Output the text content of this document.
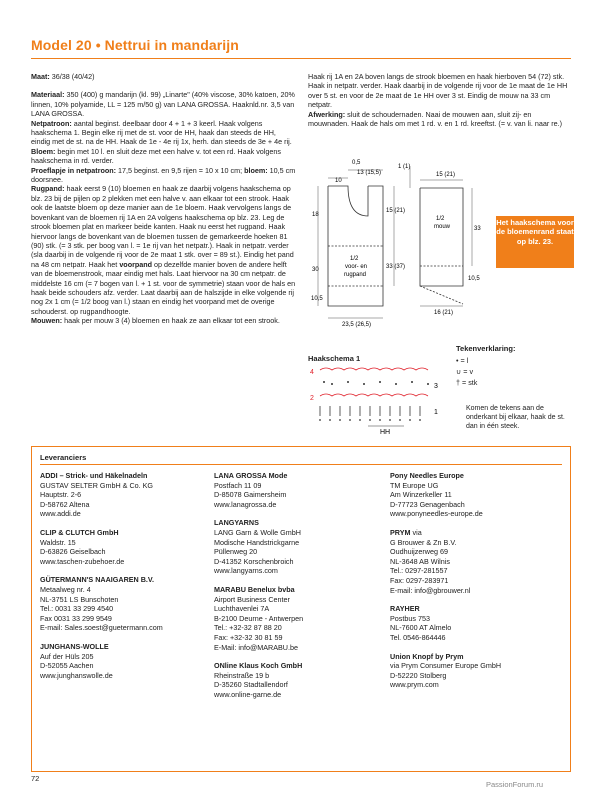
Model 20 • Nettrui in mandarijn

Maat: 36/38 (40/42)

Materiaal: 350 (400) g mandarijn (kl. 99) „Linarte" (40% viscose, 30% katoen, 20% linnen, 10% polyamide, LL = 125 m/50 g) van LANA GROSSA. Haaknld.nr. 3,5 van LANA GROSSA.

Netpatroon: aantal beginst. deelbaar door 4 + 1 + 3 keerl. Haak volgens haakschema 1. Begin elke rij met de st. voor de HH, haak dan steeds de HH, eindig met de st. na de HH. Haak de 1e - 4e rij 1x, herh. dan steeds de 3e + 4e rij.

Bloem: begin met 10 l. en sluit deze met een halve v. tot een rd. Haak volgens haakschema in rd. verder.

Proeflapje in netpatroon: 17,5 beginst. en 9,5 rijen = 10 x 10 cm; bloem: 10,5 cm doorsnee.

Rugpand: haak eerst 9 (10) bloemen en haak ze daarbij volgens haakschema op blz. 23 bij de pijlen op 2 plekken met een halve v. aan elkaar tot een strook. Haak ook de laatste bloem op deze manier aan de 1e bloem. Haak vervolgens langs de bovenkant van de bloemen rij 1A en 2A volgens haakschema op blz. 23. Leg de strook bloemen plat en markeer beide kanten. Haak nu eerst het rugpand. Haak hiervoor langs de bovenkant van de bloemen tussen de gemarkeerde hoeken 81 (90) stk. (= 3 stk. per boog van l. = 1e rij van het netpatr.). Haak in netpatr. verder (sla daarbij in de volgende rij voor de 2e maat 1 stk. over = 89 st.). Eindig het pand na 48 cm netpatr. Haak het voorpand op dezelfde manier boven de andere helft van de bloemenstrook, maar eindig met hals. Laat hiervoor na 30 cm netpatr. de middelste 16 cm (= 7 bogen van l. + 1 st. voor de symmetrie) staan voor de hals en haak beide schouders afz. verder. Laat daarbij aan de halszijde in elke volgende rij nog 2x 1 cm (= 1/2 boog van l.) staan en eindig het voorpand met de overige schouderst. op rugpandhoogte.

Mouwen: haak per mouw 3 (4) bloemen en haak ze aan elkaar tot een strook.

Haak rij 1A en 2A boven langs de strook bloemen en haak hierboven 54 (72) stk. Haak in netpatr. verder. Haak daarbij in de volgende rij voor de 1e maat de 1e HH over 5 st. en voor de 2e maat de 1e HH over 3 st. Eindig de mouw na 33 cm netpatr.

Afwerking: sluit de schoudernaden. Naai de mouwen aan, sluit zij- en mouwnaden. Haak de hals om met 1 rd. v. en 1 rd. kreeftst. (= v. van li. naar re.)

10
13 (15,5)
0,5
18
30	33 (37)
10,5
23,5 (26,5)
15 (21)
1/2
voor- en
rugpand
15 (21)
1 (1)
33
10,5
16 (21)
1/2
mouw	Het haakschema voor de bloemenrand staat op blz. 23.
Haakschema 1
4
3
2
1
HH
Tekenverklaring:
• = l
∪ = v
† = stk
Komen de tekens aan de onderkant bij elkaar, haak de st. dan in één steek.
Leveranciers
ADDI – Strick- und Häkelnadeln
GUSTAV SELTER GmbH & Co. KG
Hauptstr. 2-6
D-58762 Altena
www.addi.de
CLIP & CLUTCH GmbH
Waldstr. 15
D-63826 Geiselbach
www.taschen-zubehoer.de
GÜTERMANN'S NAAIGAREN B.V.
Metaalweg nr. 4
NL-3751 LS Bunschoten
Tel.: 0031 33 299 4540
Fax 0031 33 299 9549
E-mail: Sales.soest@guetermann.com
JUNGHANS-WOLLE
Auf der Hüls 205
D-52055 Aachen
www.junghanswolle.de
LANA GROSSA Mode
Postfach 11 09
D-85078 Gaimersheim
www.lanagrossa.de
LANGYARNS
LANG Garn & Wolle GmbH
Modische Handstrickgarne
Püllenweg 20
D-41352 Korschenbroich
www.langyarns.com
MARABU Benelux bvba
Airport Business Center
Luchthavenlei 7A
B-2100 Deurne - Antwerpen
Tel.: +32-32 87 88 20
Fax: +32-32 30 81 59
E-Mail: info@MARABU.be
ONline Klaus Koch GmbH
Rheinstraße 19 b
D-35260 Stadtallendorf
www.online-garne.de
Pony Needles Europe
TM Europe UG
Am Winzerkeller 11
D-77723 Genagenbach
www.ponyneedles-europe.de
PRYM via
G Brouwer & Zn B.V.
Oudhuijzerweg 69
NL-3648 AB Wilnis
Tel.: 0297-281557
Fax: 0297-283971
E-mail: info@gbrouwer.nl
RAYHER
Postbus 753
NL-7600 AT Almelo
Tel. 0546-864446
Union Knopf by Prym
via Prym Consumer Europe GmbH
D-52220 Stolberg
www.prym.com
72
PassionForum.ru
